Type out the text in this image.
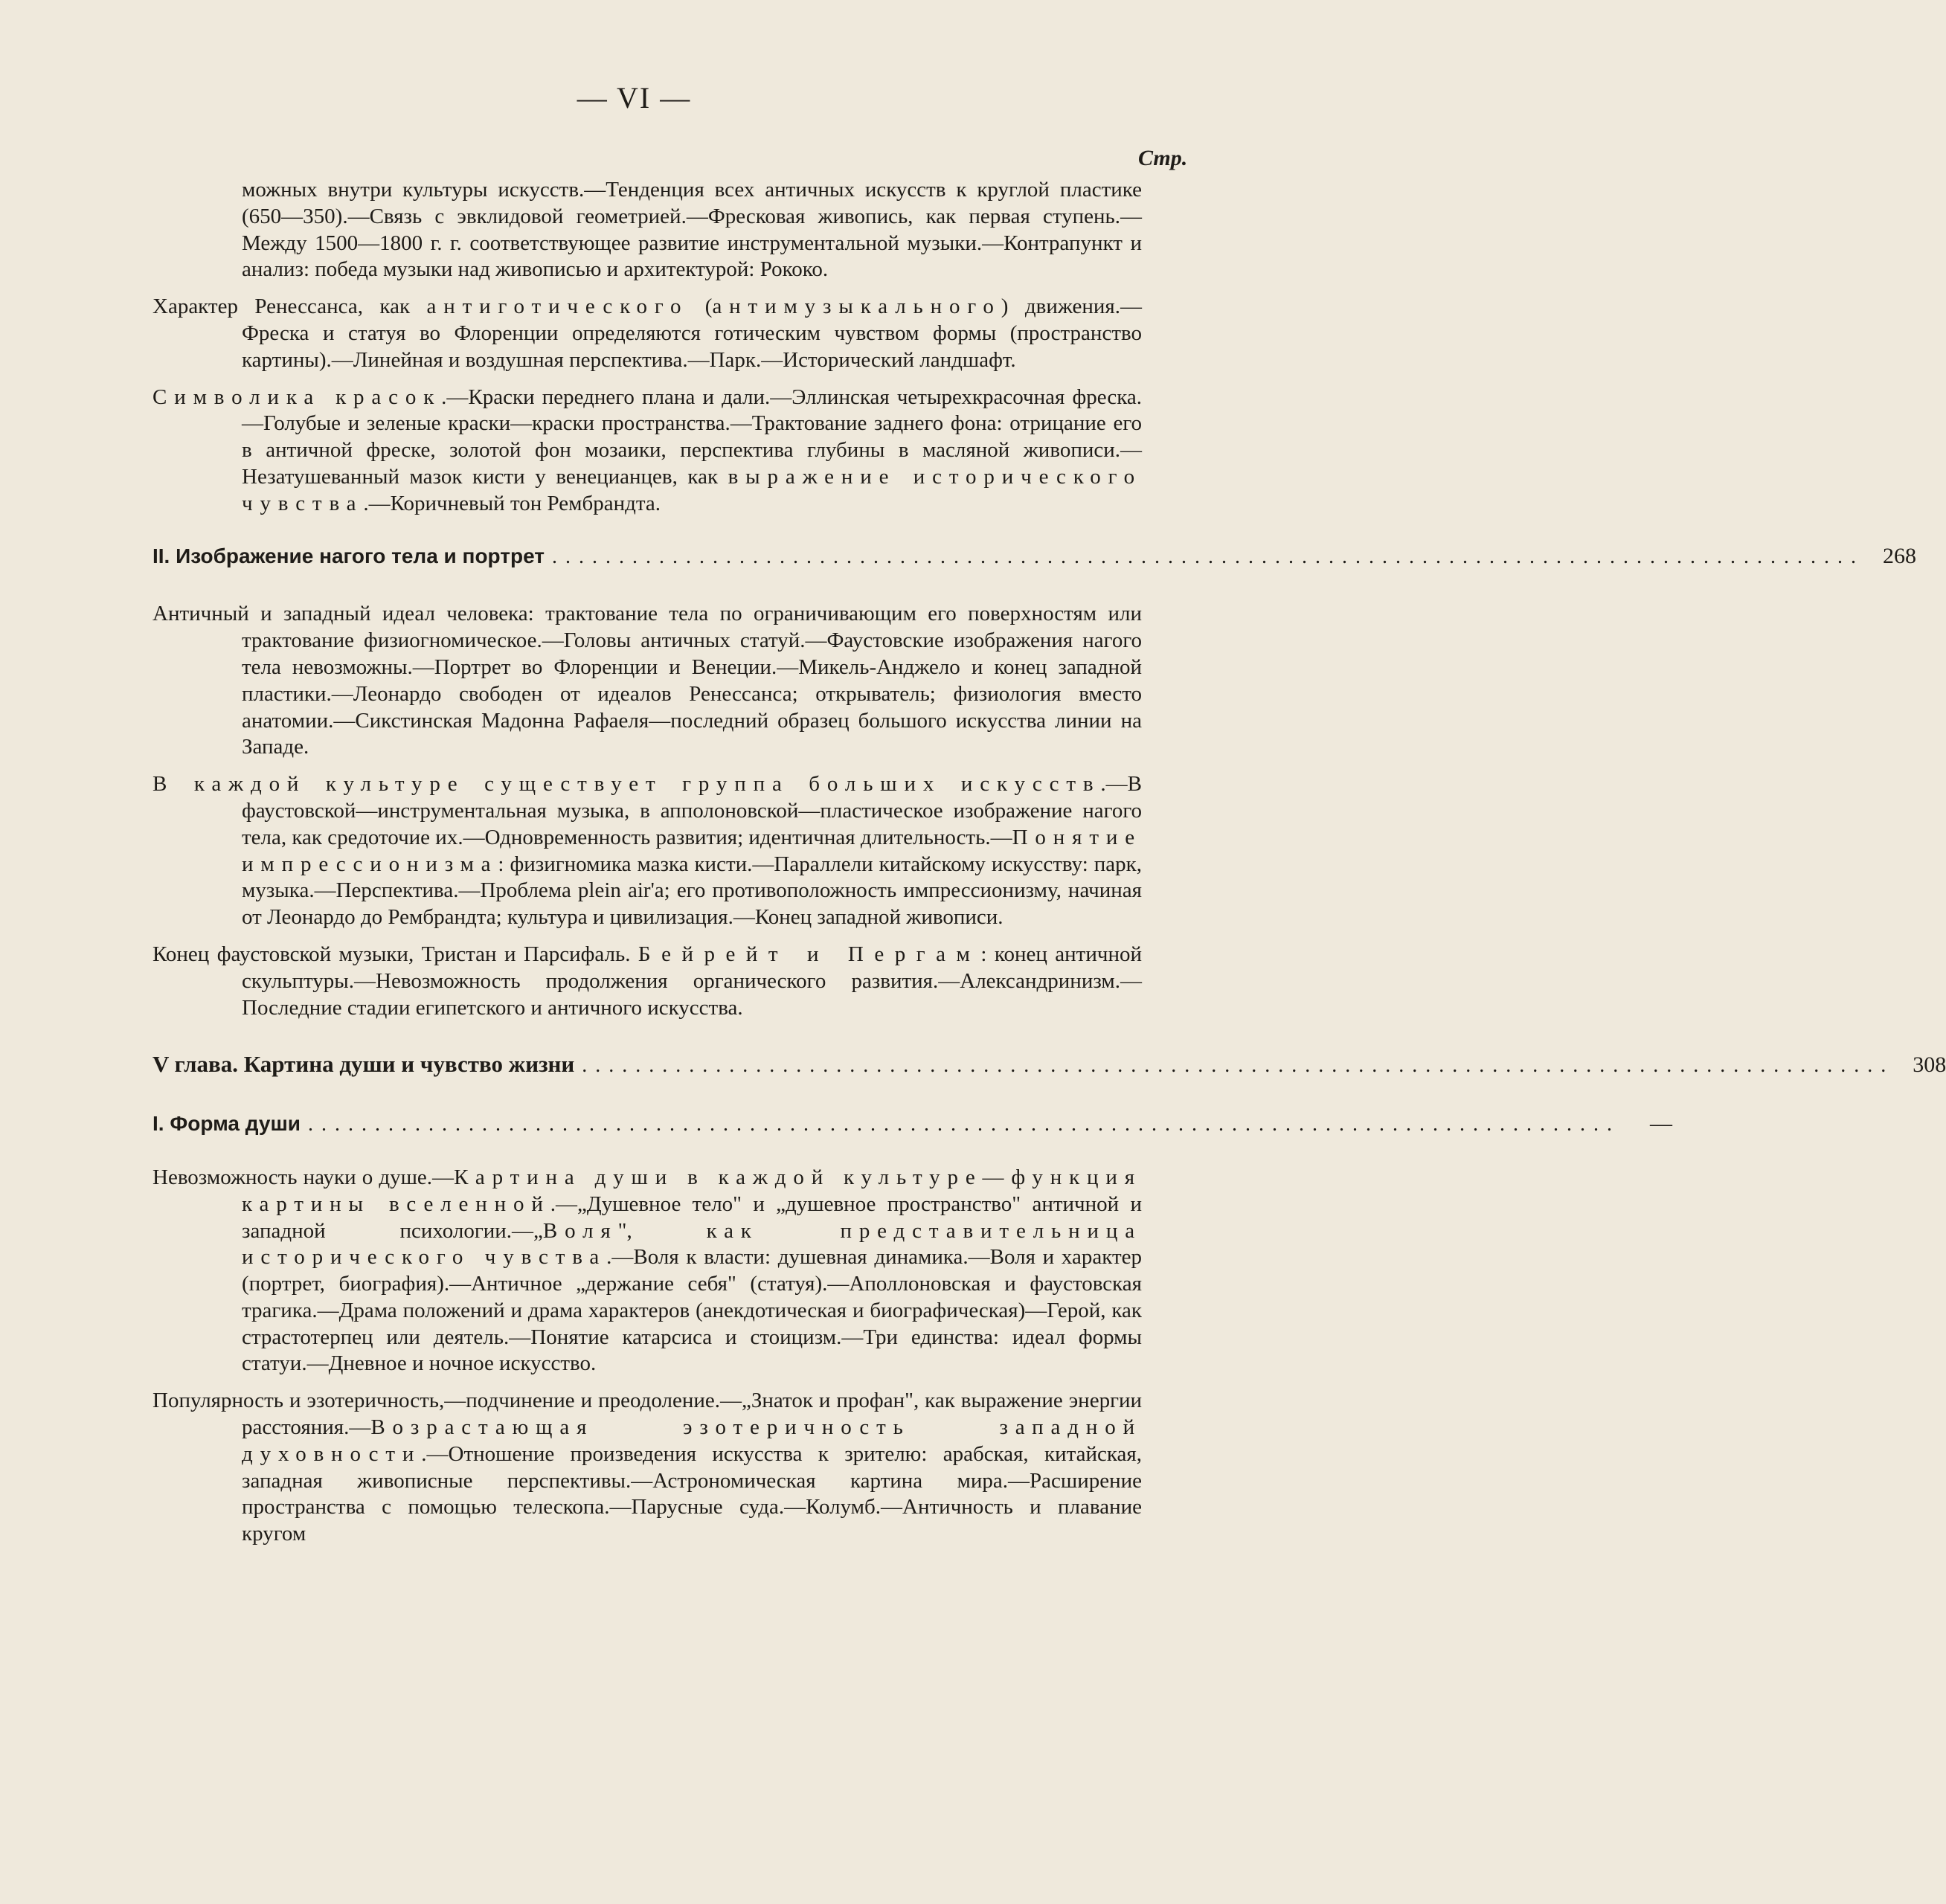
— VI —
Стр.

можных внутри культуры искусств.—Тенденция всех античных искусств к круглой пластике (650—350).—Связь с эвклидовой геометрией.—Фресковая живопись, как первая ступень.—Между 1500—1800 г. г. соответствующее развитие инструментальной музыки.—Контрапункт и анализ: победа музыки над живописью и архитектурой: Рококо.

Характер Ренессанса, как антиготического (антимузыкального) движения.—Фреска и статуя во Флоренции определяются готическим чувством формы (пространство картины).—Линейная и воздушная перспектива.—Парк.—Исторический ландшафт.

Символика красок.—Краски переднего плана и дали.—Эллинская четырехкрасочная фреска.—Голубые и зеленые краски—краски пространства.—Трактование заднего фона: отрицание его в античной фреске, золотой фон мозаики, перспектива глубины в масляной живописи.—Незатушеванный мазок кисти у венецианцев, как выражение исторического чувства.—Коричневый тон Рембрандта.

II. Изображение нагого тела и портрет .................................................................................................. 268

Античный и западный идеал человека: трактование тела по ограничивающим его поверхностям или трактование физиогномическое.—Головы античных статуй.—Фаустовские изображения нагого тела невозможны.—Портрет во Флоренции и Венеции.—Микель-Анджело и конец западной пластики.—Леонардо свободен от идеалов Ренессанса; открыватель; физиология вместо анатомии.—Сикстинская Мадонна Рафаеля—последний образец большого искусства линии на Западе.

В каждой культуре существует группа больших искусств.—В фаустовской—инструментальная музыка, в апполоновской—пластическое изображение нагого тела, как средоточие их.—Одновременность развития; идентичная длительность.—Понятие импрессионизма: физигномика мазка кисти.—Параллели китайскому искусству: парк, музыка.—Перспектива.—Проблема plein air'а; его противоположность импрессионизму, начиная от Леонардо до Рембрандта; культура и цивилизация.—Конец западной живописи.

Конец фаустовской музыки, Тристан и Парсифаль. Бейрейт и Пергам: конец античной скульптуры.—Невозможность продолжения органического развития.—Александринизм.—Последние стадии египетского и античного искусства.

V глава. Картина души и чувство жизни .................................................................................................. 308
I. Форма души ..................................................................................................	—

Невозможность науки о душе.—Картина души в каждой культуре—функция картины вселенной.—„Душевное тело" и „душевное пространство" античной и западной психологии.—„Воля", как представительница исторического чувства.—Воля к власти: душевная динамика.—Воля и характер (портрет, биография).—Античное „держание себя" (статуя).—Аполлоновская и фаустовская трагика.—Драма положений и драма характеров (анекдотическая и биографическая)—Герой, как страстотерпец или деятель.—Понятие катарсиса и стоицизм.—Три единства: идеал формы статуи.—Дневное и ночное искусство.

Популярность и эзотеричность,—подчинение и преодоление.—„Знаток и профан", как выражение энергии расстояния.—Возрастающая эзотеричность западной духовности.—Отношение произведения искусства к зрителю: арабская, китайская, западная живописные перспективы.—Астрономическая картина мира.—Расширение пространства с помощью телескопа.—Парусные суда.—Колумб.—Античность и плавание кругом
